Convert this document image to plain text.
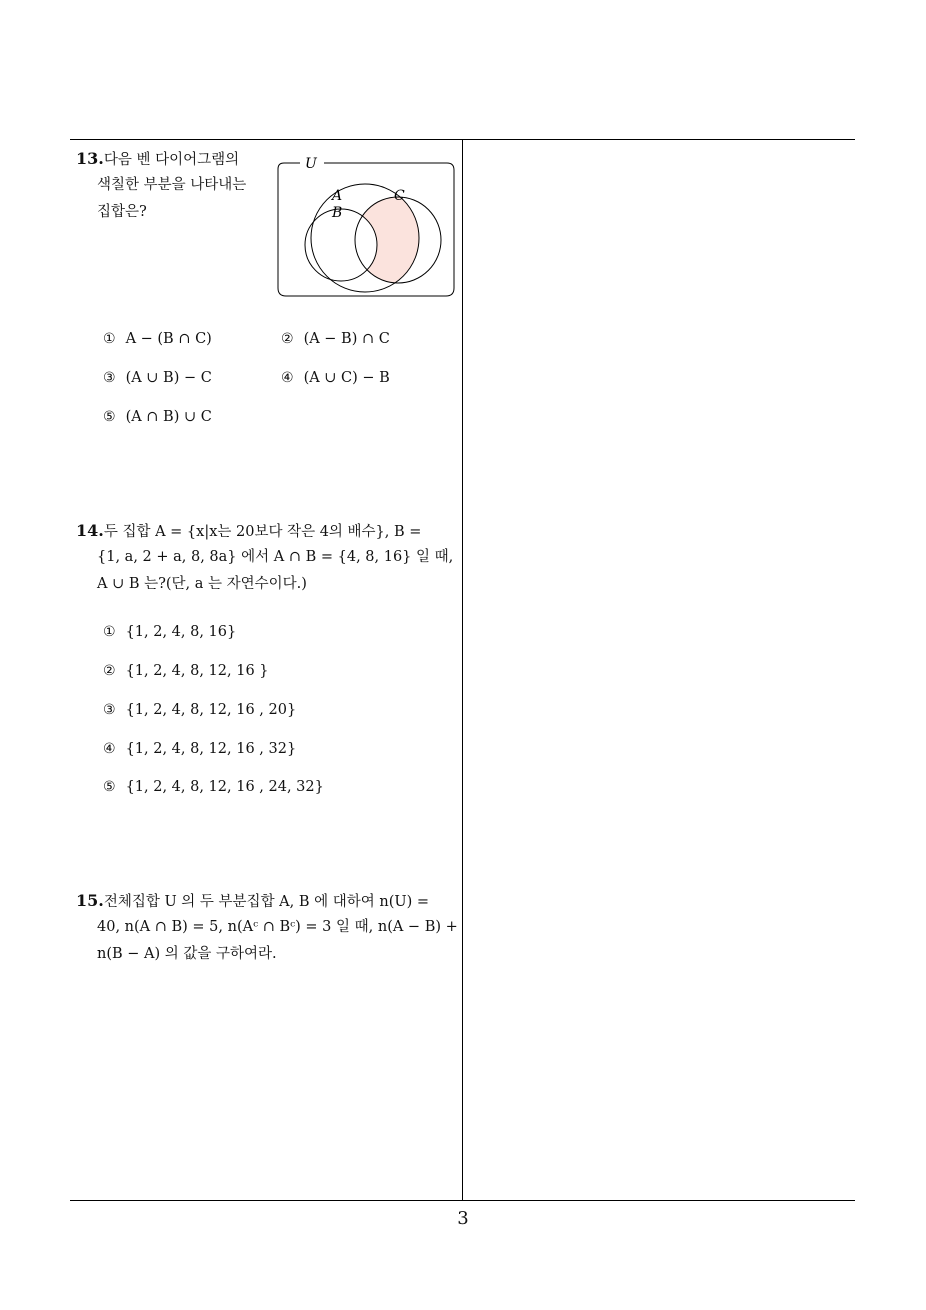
13.다음 벤 다이어그램의
색칠한 부분을 나타내는
집합은?
U
A
B
C
① A − (B ∩ C)	② (A − B) ∩ C
③ (A ∪ B) − C	④ (A ∪ C) − B
⑤ (A ∩ B) ∪ C
14.두 집합 A = {x|x는 20보다 작은 4의 배수}, B =
{1, a, 2 + a, 8, 8a} 에서 A ∩ B = {4, 8, 16} 일 때,
A ∪ B 는?(단, a 는 자연수이다.)
① {1, 2, 4, 8, 16}
② {1, 2, 4, 8, 12, 16 }
③ {1, 2, 4, 8, 12, 16 , 20}
④ {1, 2, 4, 8, 12, 16 , 32}
⑤ {1, 2, 4, 8, 12, 16 , 24, 32}
15.전체집합 U 의 두 부분집합 A, B 에 대하여 n(U) =
40, n(A ∩ B) = 5, n(Aᶜ ∩ Bᶜ) = 3 일 때, n(A − B) +
n(B − A) 의 값을 구하여라.
3
